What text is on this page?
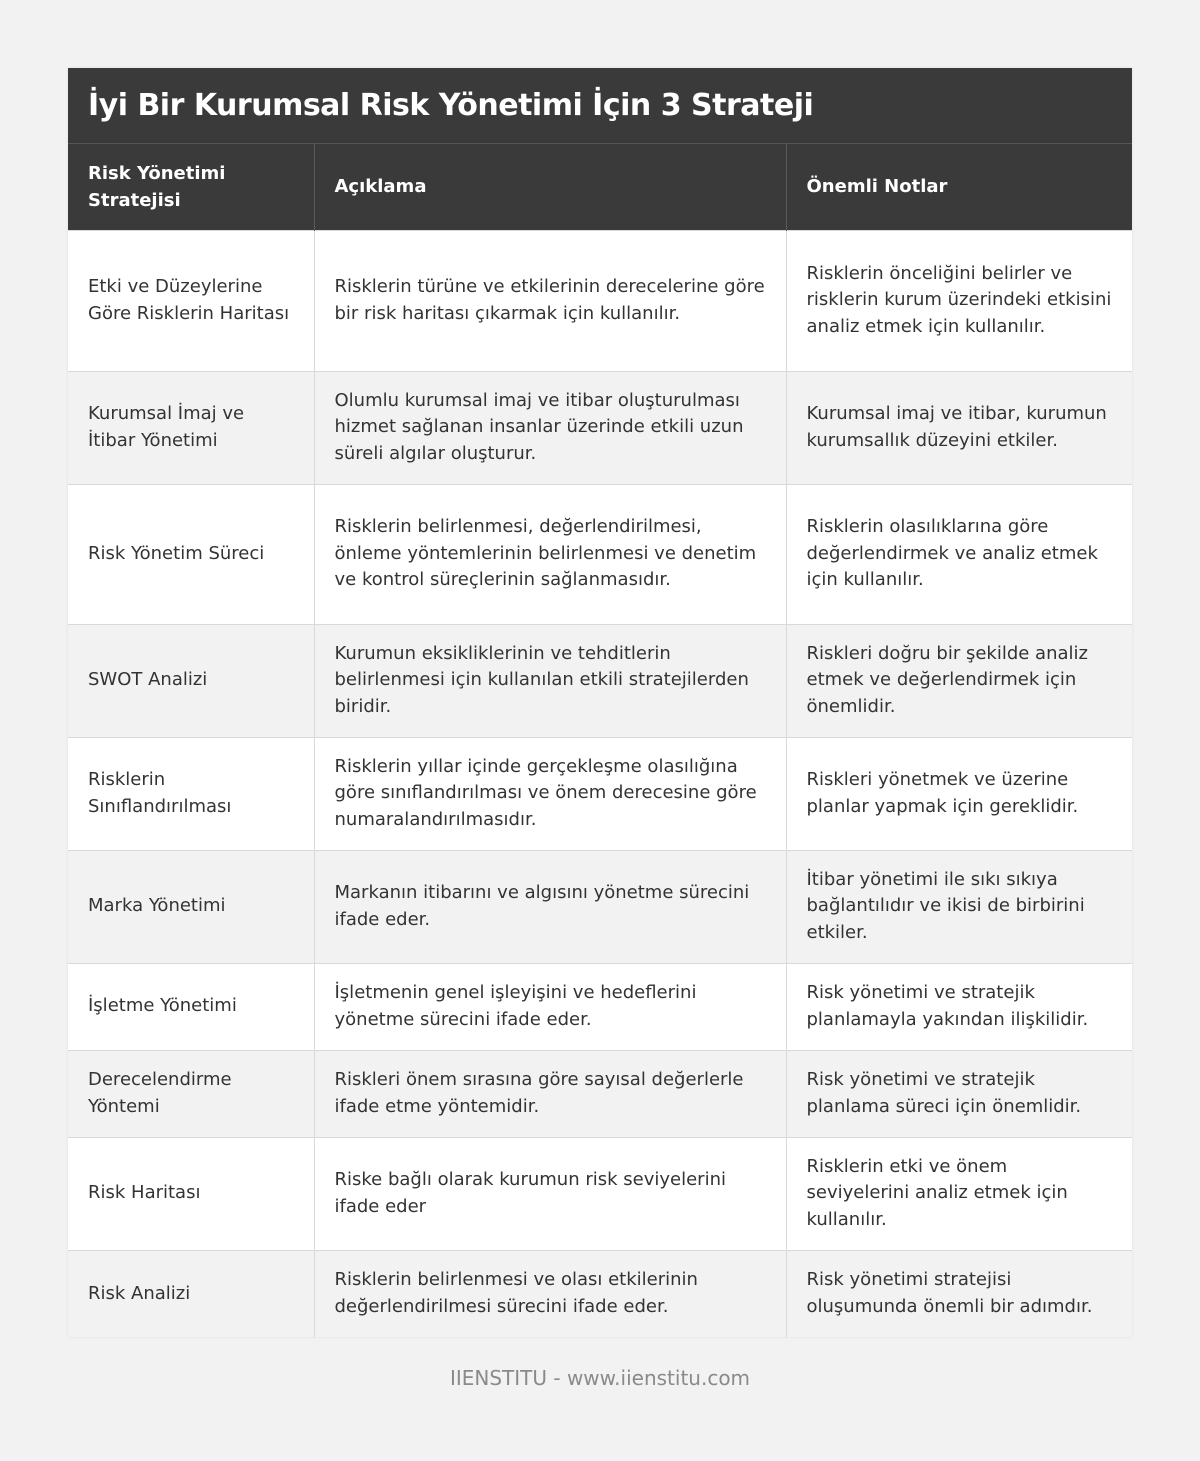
İyi Bir Kurumsal Risk Yönetimi İçin 3 Strateji
Risk Yönetimi Stratejisi	Açıklama	Önemli Notlar
Etki ve Düzeylerine Göre Risklerin Haritası	Risklerin türüne ve etkilerinin derecelerine göre bir risk haritası çıkarmak için kullanılır.	Risklerin önceliğini belirler ve risklerin kurum üzerindeki etkisini analiz etmek için kullanılır.
Kurumsal İmaj ve İtibar Yönetimi	Olumlu kurumsal imaj ve itibar oluşturulması hizmet sağlanan insanlar üzerinde etkili uzun süreli algılar oluşturur.	Kurumsal imaj ve itibar, kurumun kurumsallık düzeyini etkiler.
Risk Yönetim Süreci	Risklerin belirlenmesi, değerlendirilmesi, önleme yöntemlerinin belirlenmesi ve denetim ve kontrol süreçlerinin sağlanmasıdır.	Risklerin olasılıklarına göre değerlendirmek ve analiz etmek için kullanılır.
SWOT Analizi	Kurumun eksikliklerinin ve tehditlerin belirlenmesi için kullanılan etkili stratejilerden biridir.	Riskleri doğru bir şekilde analiz etmek ve değerlendirmek için önemlidir.
Risklerin Sınıflandırılması	Risklerin yıllar içinde gerçekleşme olasılığına göre sınıflandırılması ve önem derecesine göre numaralandırılmasıdır.	Riskleri yönetmek ve üzerine planlar yapmak için gereklidir.
Marka Yönetimi	Markanın itibarını ve algısını yönetme sürecini ifade eder.	İtibar yönetimi ile sıkı sıkıya bağlantılıdır ve ikisi de birbirini etkiler.
İşletme Yönetimi	İşletmenin genel işleyişini ve hedeflerini yönetme sürecini ifade eder.	Risk yönetimi ve stratejik planlamayla yakından ilişkilidir.
Derecelendirme Yöntemi	Riskleri önem sırasına göre sayısal değerlerle ifade etme yöntemidir.	Risk yönetimi ve stratejik planlama süreci için önemlidir.
Risk Haritası	Riske bağlı olarak kurumun risk seviyelerini ifade eder	Risklerin etki ve önem seviyelerini analiz etmek için kullanılır.
Risk Analizi	Risklerin belirlenmesi ve olası etkilerinin değerlendirilmesi sürecini ifade eder.	Risk yönetimi stratejisi oluşumunda önemli bir adımdır.
IIENSTITU - www.iienstitu.com
